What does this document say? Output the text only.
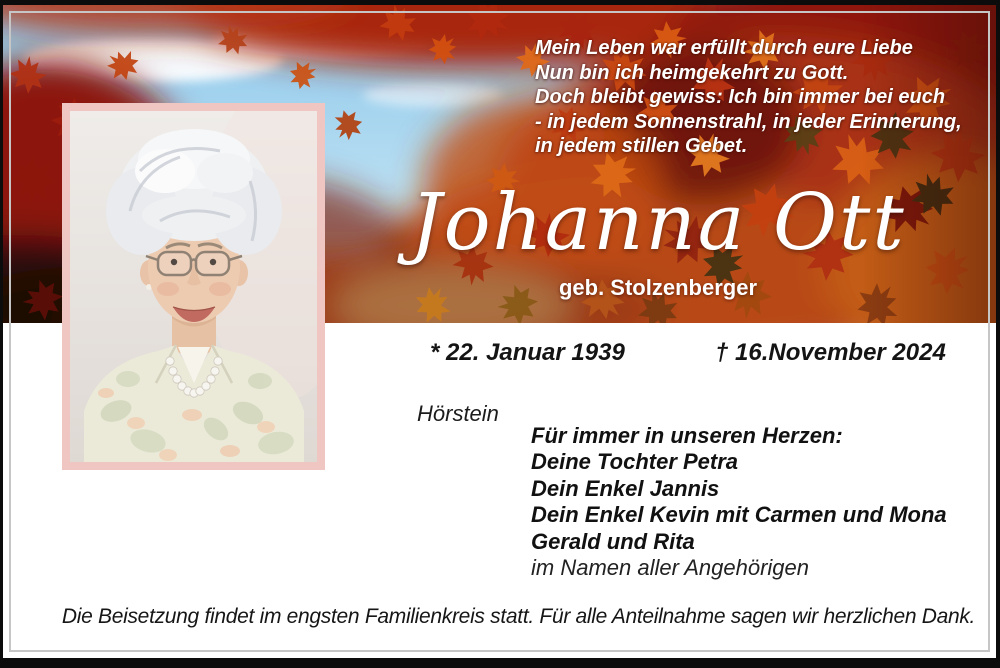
Mein Leben war erfüllt durch eure Liebe
Nun bin ich heimgekehrt zu Gott.
Doch bleibt gewiss: Ich bin immer bei euch
- in jedem Sonnenstrahl, in jeder Erinnerung,
in jedem stillen Gebet.
Johanna Ott
geb. Stolzenberger
* 22. Januar 1939	† 16.November 2024
Hörstein
Für immer in unseren Herzen:
Deine Tochter Petra
Dein Enkel Jannis
Dein Enkel Kevin mit Carmen und Mona
Gerald und Rita
im Namen aller Angehörigen
Die Beisetzung findet im engsten Familienkreis statt. Für alle Anteilnahme sagen wir herzlichen Dank.
